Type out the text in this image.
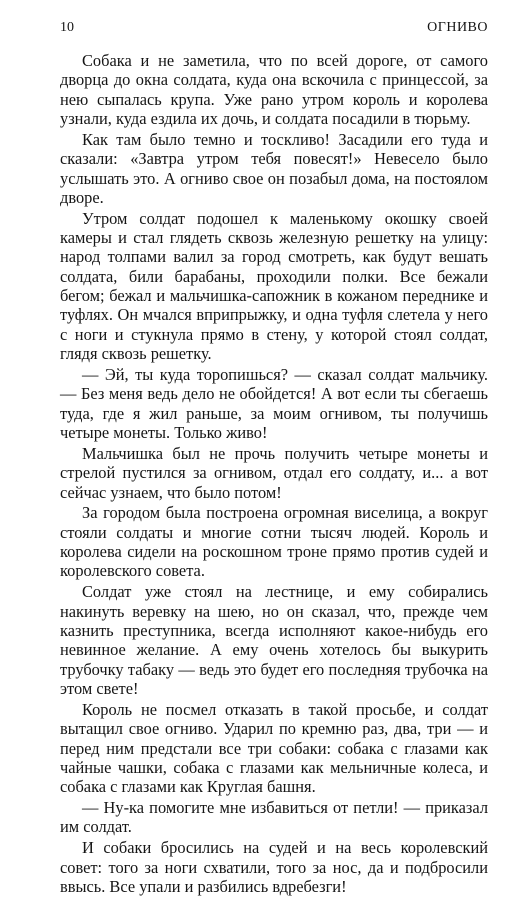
10	ОГНИВО

Собака и не заметила, что по всей дороге, от самого дворца до окна солдата, куда она вскочила с принцессой, за нею сыпалась крупа. Уже рано утром король и королева узнали, куда ездила их дочь, и солдата посадили в тюрьму.

Как там было темно и тоскливо! Засадили его туда и сказали: «Завтра утром тебя повесят!» Невесело было услышать это. А огниво свое он позабыл дома, на постоялом дворе.

Утром солдат подошел к маленькому окошку своей камеры и стал глядеть сквозь железную решетку на улицу: народ толпами валил за город смотреть, как будут вешать солдата, били барабаны, проходили полки. Все бежали бегом; бежал и мальчишка-сапожник в кожаном переднике и туфлях. Он мчался вприпрыжку, и одна туфля слетела у него с ноги и стукнула прямо в стену, у которой стоял солдат, глядя сквозь решетку.

— Эй, ты куда торопишься? — сказал солдат мальчику. — Без меня ведь дело не обойдется! А вот если ты сбегаешь туда, где я жил раньше, за моим огнивом, ты получишь четыре монеты. Только живо!

Мальчишка был не прочь получить четыре монеты и стрелой пустился за огнивом, отдал его солдату, и... а вот сейчас узнаем, что было потом!

За городом была построена огромная виселица, а вокруг стояли солдаты и многие сотни тысяч людей. Король и королева сидели на роскошном троне прямо против судей и королевского совета.

Солдат уже стоял на лестнице, и ему собирались накинуть веревку на шею, но он сказал, что, прежде чем казнить преступника, всегда исполняют какое-нибудь его невинное желание. А ему очень хотелось бы выкурить трубочку табаку — ведь это будет его последняя трубочка на этом свете!

Король не посмел отказать в такой просьбе, и солдат вытащил свое огниво. Ударил по кремню раз, два, три — и перед ним предстали все три собаки: собака с глазами как чайные чашки, собака с глазами как мельничные колеса, и собака с глазами как Круглая башня.

— Ну-ка помогите мне избавиться от петли! — приказал им солдат.

И собаки бросились на судей и на весь королевский совет: того за ноги схватили, того за нос, да и подбросили ввысь. Все упали и разбились вдребезги!
